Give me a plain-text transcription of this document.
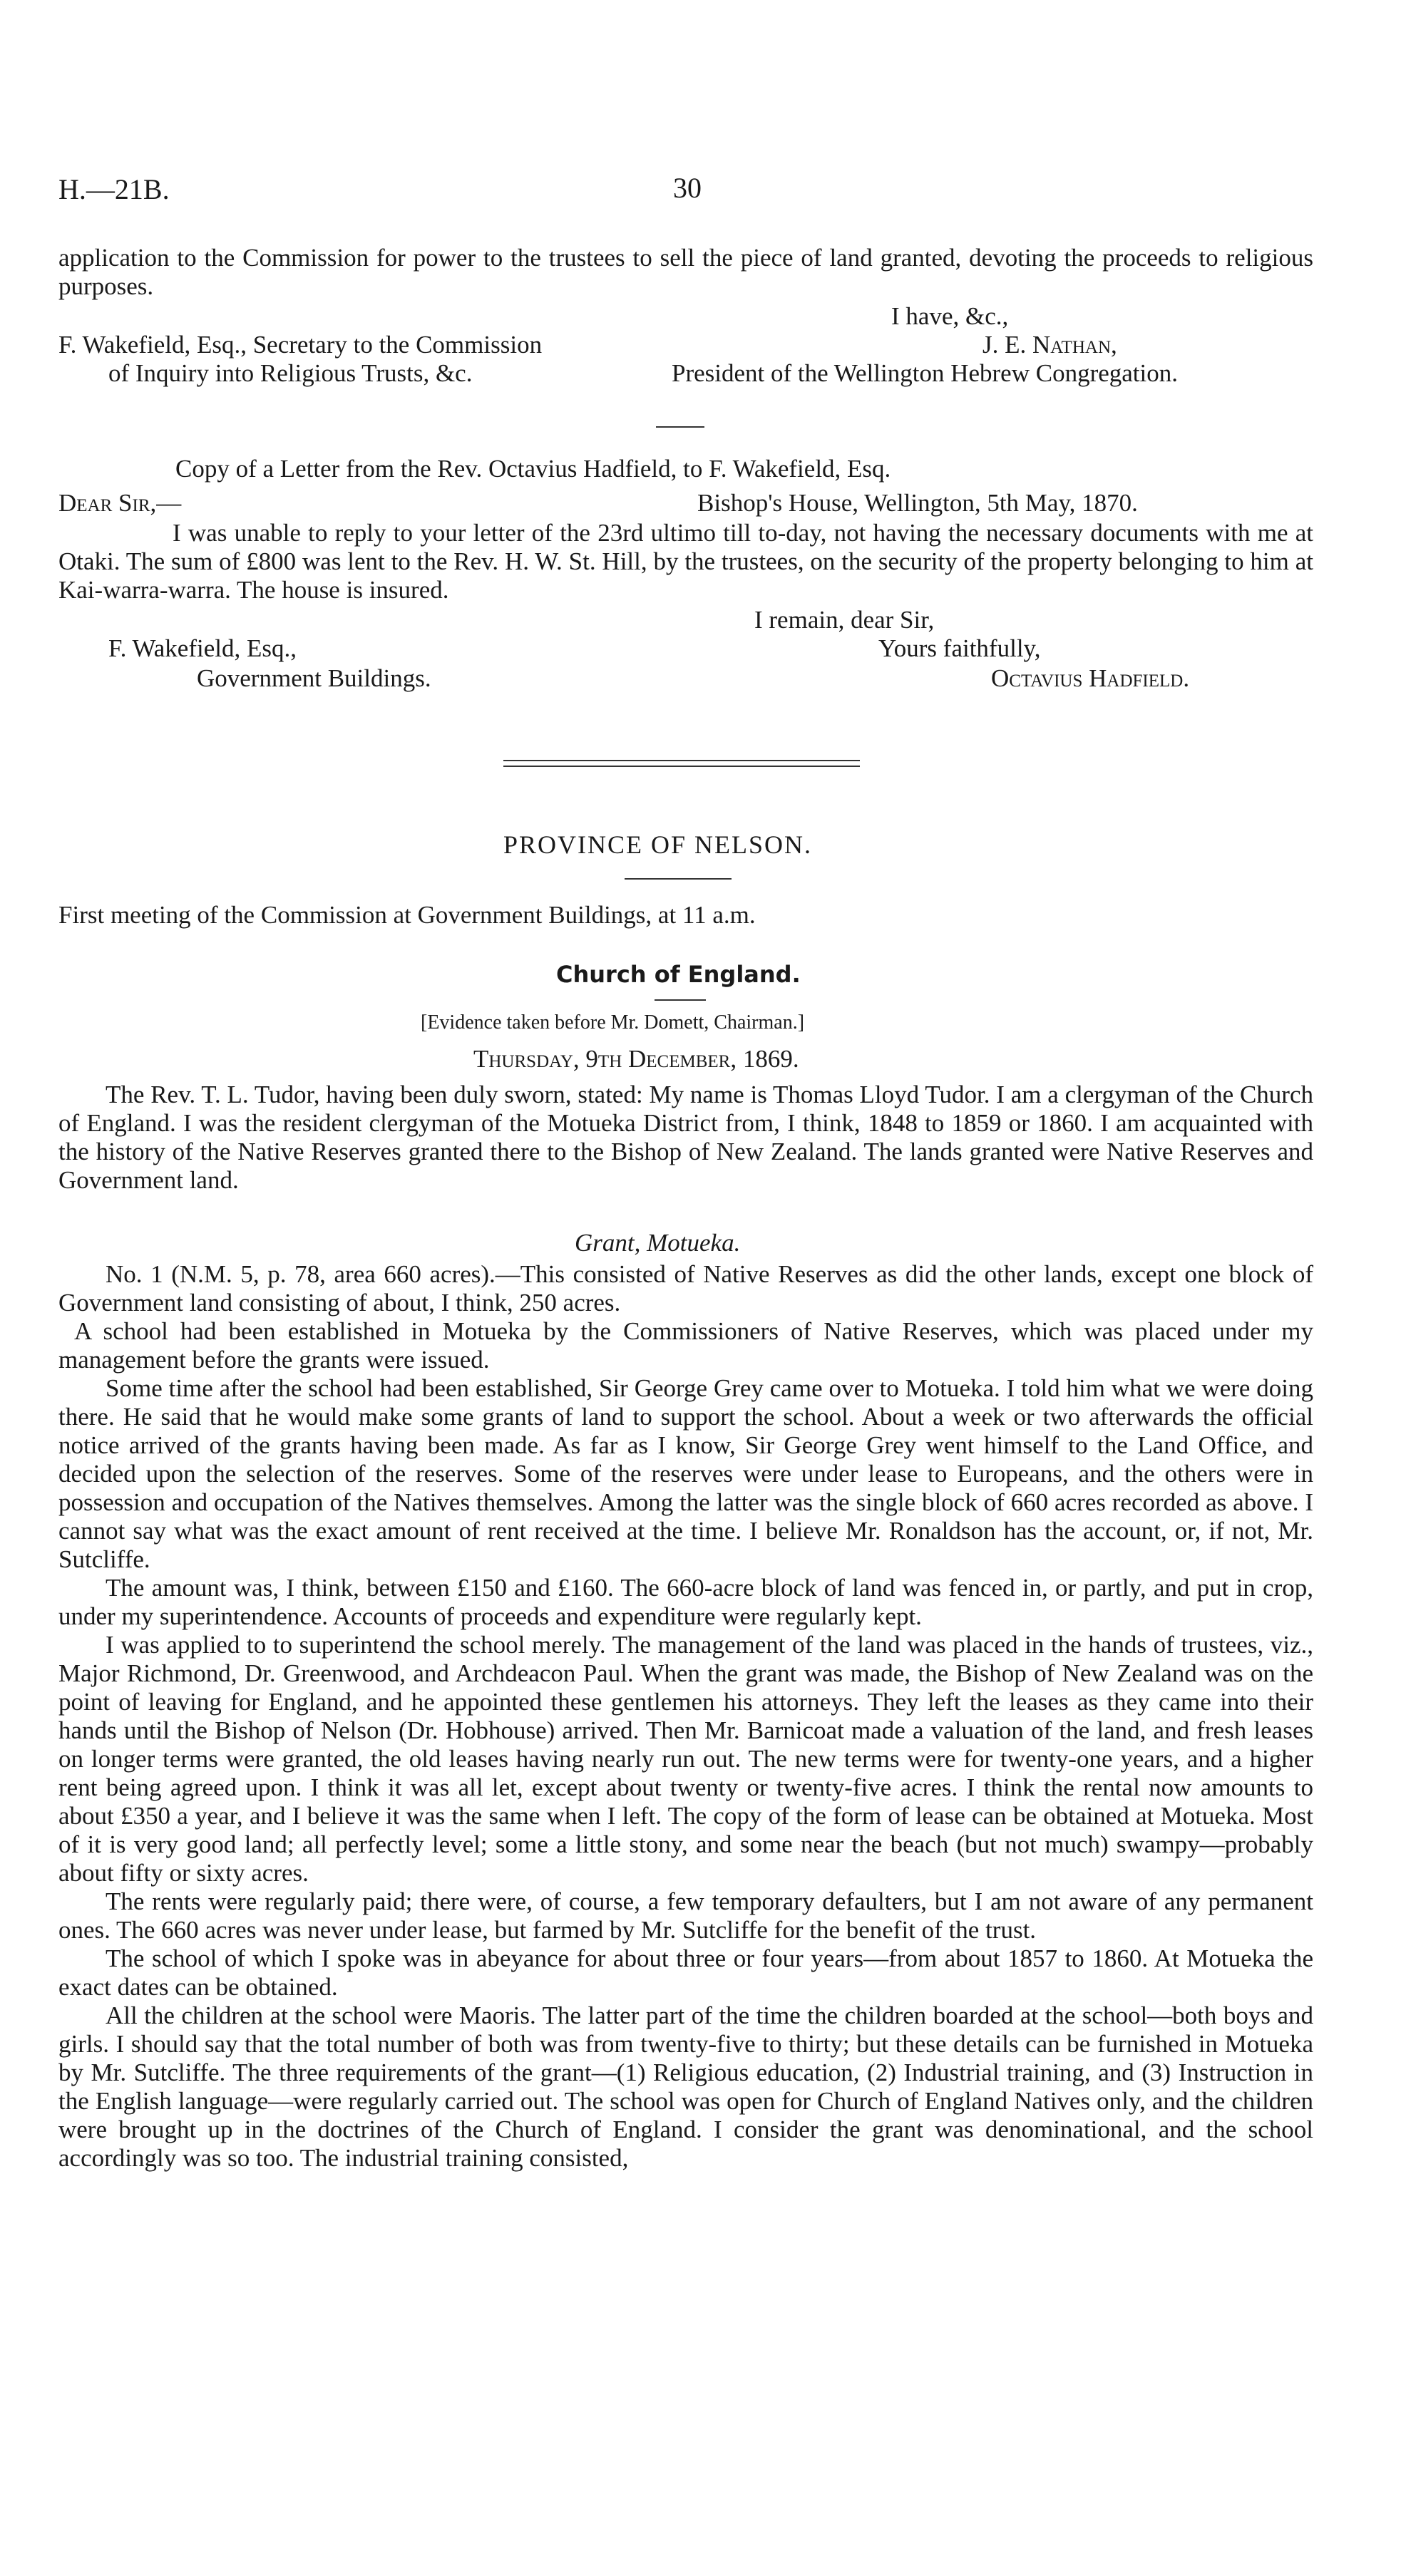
H.—21B.	30

application to the Commission for power to the trustees to sell the piece of land granted, devoting the proceeds to religious purposes.

I have, &c.,
F. Wakefield, Esq., Secretary to the Commission	J. E. Nathan,
of Inquiry into Religious Trusts, &c.	President of the Wellington Hebrew Congregation.
Copy of a Letter from the Rev. Octavius Hadfield, to F. Wakefield, Esq.
Dear Sir,—	Bishop's House, Wellington, 5th May, 1870.

I was unable to reply to your letter of the 23rd ultimo till to-day, not having the necessary documents with me at Otaki. The sum of £800 was lent to the Rev. H. W. St. Hill, by the trustees, on the security of the property belonging to him at Kai-warra-warra. The house is insured.

I remain, dear Sir,
F. Wakefield, Esq.,	Yours faithfully,
Government Buildings.	Octavius Hadfield.
PROVINCE OF NELSON.
First meeting of the Commission at Government Buildings, at 11 a.m.
Church of England.
[Evidence taken before Mr. Domett, Chairman.]
Thursday, 9th December, 1869.

The Rev. T. L. Tudor, having been duly sworn, stated: My name is Thomas Lloyd Tudor. I am a clergyman of the Church of England. I was the resident clergyman of the Motueka District from, I think, 1848 to 1859 or 1860. I am acquainted with the history of the Native Reserves granted there to the Bishop of New Zealand. The lands granted were Native Reserves and Government land.

Grant, Motueka.

No. 1 (N.M. 5, p. 78, area 660 acres).—This consisted of Native Reserves as did the other lands, except one block of Government land consisting of about, I think, 250 acres.

A school had been established in Motueka by the Commissioners of Native Reserves, which was placed under my management before the grants were issued.

Some time after the school had been established, Sir George Grey came over to Motueka. I told him what we were doing there. He said that he would make some grants of land to support the school. About a week or two afterwards the official notice arrived of the grants having been made. As far as I know, Sir George Grey went himself to the Land Office, and decided upon the selection of the reserves. Some of the reserves were under lease to Europeans, and the others were in possession and occupation of the Natives themselves. Among the latter was the single block of 660 acres recorded as above. I cannot say what was the exact amount of rent received at the time. I believe Mr. Ronaldson has the account, or, if not, Mr. Sutcliffe.

The amount was, I think, between £150 and £160. The 660-acre block of land was fenced in, or partly, and put in crop, under my superintendence. Accounts of proceeds and expenditure were regularly kept.

I was applied to to superintend the school merely. The management of the land was placed in the hands of trustees, viz., Major Richmond, Dr. Greenwood, and Archdeacon Paul. When the grant was made, the Bishop of New Zealand was on the point of leaving for England, and he appointed these gentlemen his attorneys. They left the leases as they came into their hands until the Bishop of Nelson (Dr. Hobhouse) arrived. Then Mr. Barnicoat made a valuation of the land, and fresh leases on longer terms were granted, the old leases having nearly run out. The new terms were for twenty-one years, and a higher rent being agreed upon. I think it was all let, except about twenty or twenty-five acres. I think the rental now amounts to about £350 a year, and I believe it was the same when I left. The copy of the form of lease can be obtained at Motueka. Most of it is very good land; all perfectly level; some a little stony, and some near the beach (but not much) swampy—probably about fifty or sixty acres.

The rents were regularly paid; there were, of course, a few temporary defaulters, but I am not aware of any permanent ones. The 660 acres was never under lease, but farmed by Mr. Sutcliffe for the benefit of the trust.

The school of which I spoke was in abeyance for about three or four years—from about 1857 to 1860. At Motueka the exact dates can be obtained.

All the children at the school were Maoris. The latter part of the time the children boarded at the school—both boys and girls. I should say that the total number of both was from twenty-five to thirty; but these details can be furnished in Motueka by Mr. Sutcliffe. The three requirements of the grant—(1) Religious education, (2) Industrial training, and (3) Instruction in the English language—were regularly carried out. The school was open for Church of England Natives only, and the children were brought up in the doctrines of the Church of England. I consider the grant was denominational, and the school accordingly was so too. The industrial training consisted,
